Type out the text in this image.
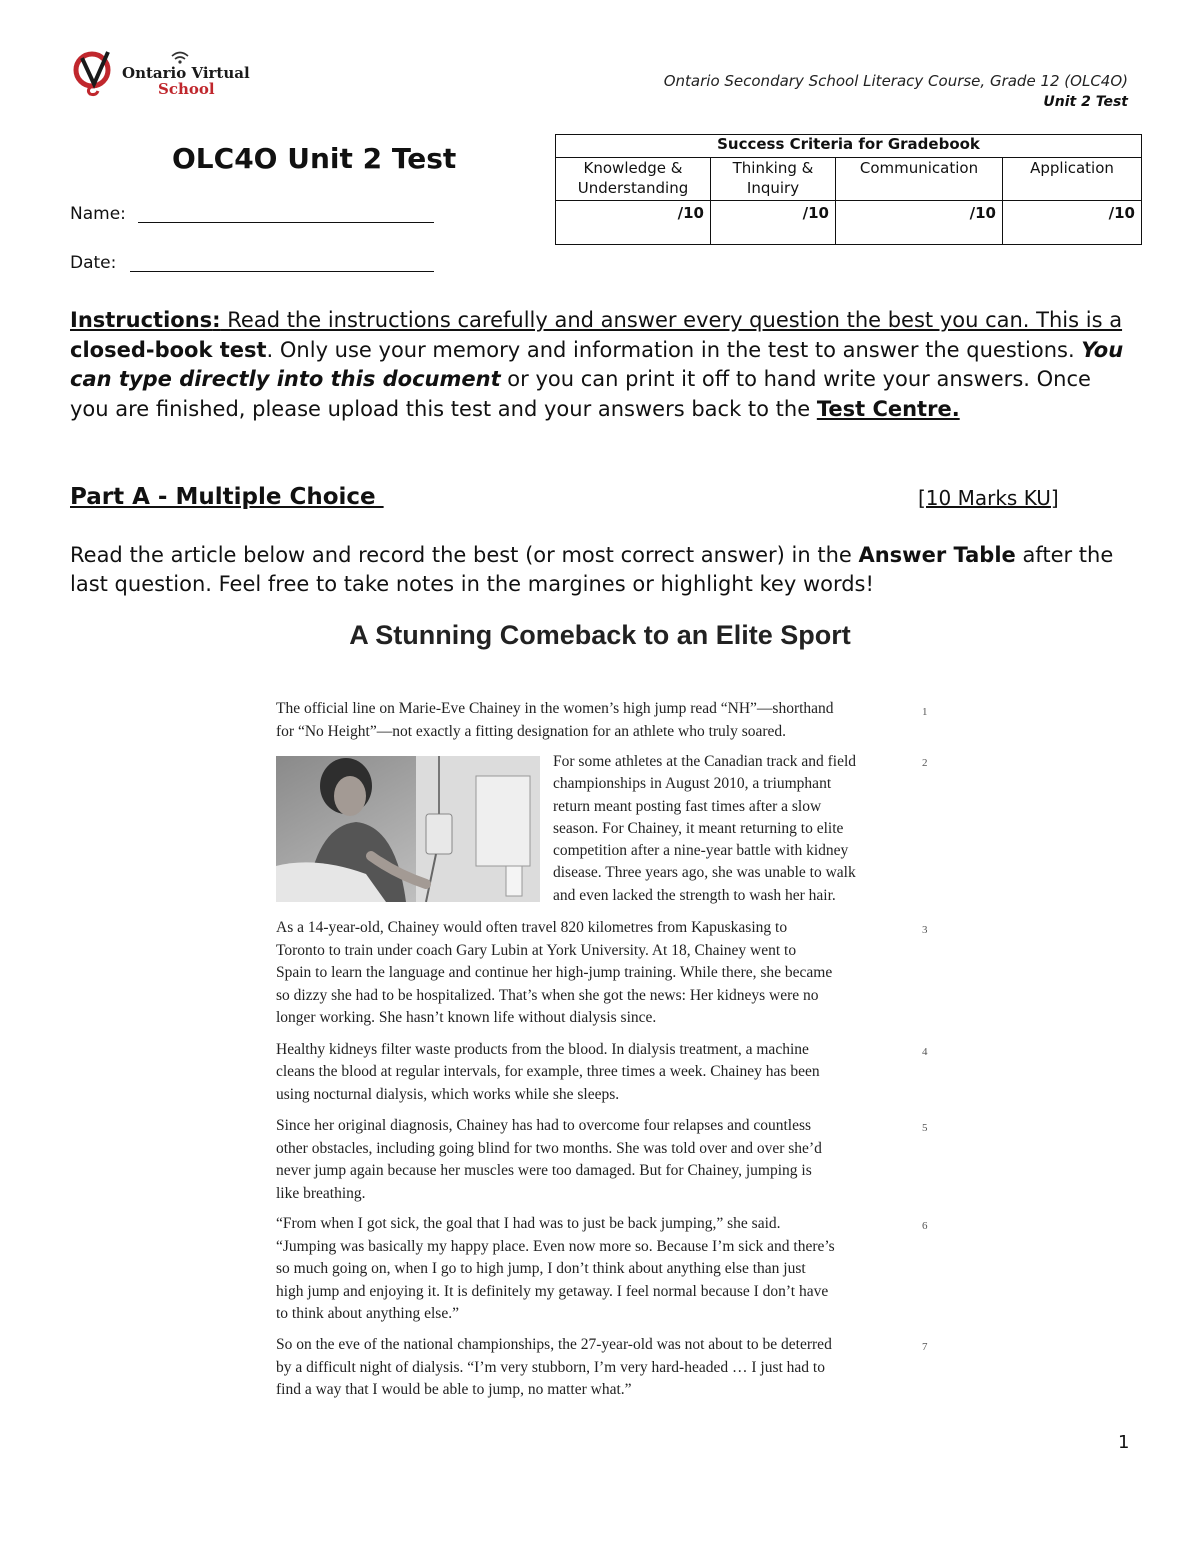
Ontario Virtual
School	Ontario Secondary School Literacy Course, Grade 12 (OLC4O)
Unit 2 Test
OLC4O Unit 2 Test
Name:
Date:
Success Criteria for Gradebook			
Knowledge & Understanding	Thinking & Inquiry	Communication	Application
/10	/10	/10	/10
Instructions: Read the instructions carefully and answer every question the best you can. This is a closed-book test. Only use your memory and information in the test to answer the questions. You can type directly into this document or you can print it off to hand write your answers. Once you are finished, please upload this test and your answers back to the Test Centre.
Part A - Multiple Choice	[10 Marks KU]
Read the article below and record the best (or most correct answer) in the Answer Table after the last question. Feel free to take notes in the margines or highlight key words!
A Stunning Comeback to an Elite Sport
The official line on Marie-Eve Chainey in the women’s high jump read “NH”—shorthand
for “No Height”—not exactly a fitting designation for an athlete who truly soared.
1
For some athletes at the Canadian track and field
championships in August 2010, a triumphant
return meant posting fast times after a slow
season. For Chainey, it meant returning to elite
competition after a nine-year battle with kidney
disease. Three years ago, she was unable to walk
and even lacked the strength to wash her hair.
2
As a 14-year-old, Chainey would often travel 820 kilometres from Kapuskasing to
Toronto to train under coach Gary Lubin at York University. At 18, Chainey went to
Spain to learn the language and continue her high-jump training. While there, she became
so dizzy she had to be hospitalized. That’s when she got the news: Her kidneys were no
longer working. She hasn’t known life without dialysis since.
3
Healthy kidneys filter waste products from the blood. In dialysis treatment, a machine
cleans the blood at regular intervals, for example, three times a week. Chainey has been
using nocturnal dialysis, which works while she sleeps.
4
Since her original diagnosis, Chainey has had to overcome four relapses and countless
other obstacles, including going blind for two months. She was told over and over she’d
never jump again because her muscles were too damaged. But for Chainey, jumping is
like breathing.
5
“From when I got sick, the goal that I had was to just be back jumping,” she said.
“Jumping was basically my happy place. Even now more so. Because I’m sick and there’s
so much going on, when I go to high jump, I don’t think about anything else than just
high jump and enjoying it. It is definitely my getaway. I feel normal because I don’t have
to think about anything else.”
6
So on the eve of the national championships, the 27-year-old was not about to be deterred
by a difficult night of dialysis. “I’m very stubborn, I’m very hard-headed … I just had to
find a way that I would be able to jump, no matter what.”
7
1
